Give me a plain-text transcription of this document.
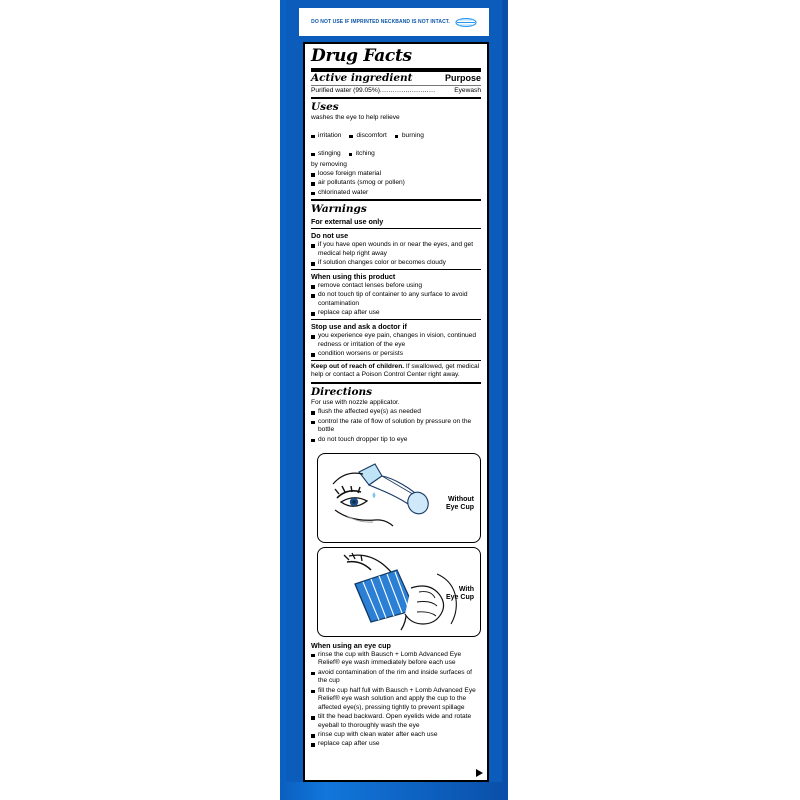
DO NOT USE IF IMPRINTED NECKBAND IS NOT INTACT.
Drug Facts
Active ingredient	Purpose
Purified water (99.05%) ..........................	Eyewash
Uses
washes the eye to help relieve
irritation discomfort burning
stinging itching
by removing
loose foreign material
air pollutants (smog or pollen)
chlorinated water
Warnings
For external use only
Do not use
if you have open wounds in or near the eyes, and get medical help right away
if solution changes color or becomes cloudy
When using this product
remove contact lenses before using
do not touch tip of container to any surface to avoid contamination
replace cap after use
Stop use and ask a doctor if
you experience eye pain, changes in vision, continued redness or irritation of the eye
condition worsens or persists
Keep out of reach of children. If swallowed, get medical help or contact a Poison Control Center right away.
Directions
For use with nozzle applicator.
flush the affected eye(s) as needed
control the rate of flow of solution by pressure on the bottle
do not touch dropper tip to eye
Without
Eye Cup
With
Eye Cup
When using an eye cup
rinse the cup with Bausch + Lomb Advanced Eye Relief® eye wash immediately before each use
avoid contamination of the rim and inside surfaces of the cup
fill the cup half full with Bausch + Lomb Advanced Eye Relief® eye wash solution and apply the cup to the affected eye(s), pressing tightly to prevent spillage
tilt the head backward. Open eyelids wide and rotate eyeball to thoroughly wash the eye
rinse cup with clean water after each use
replace cap after use
